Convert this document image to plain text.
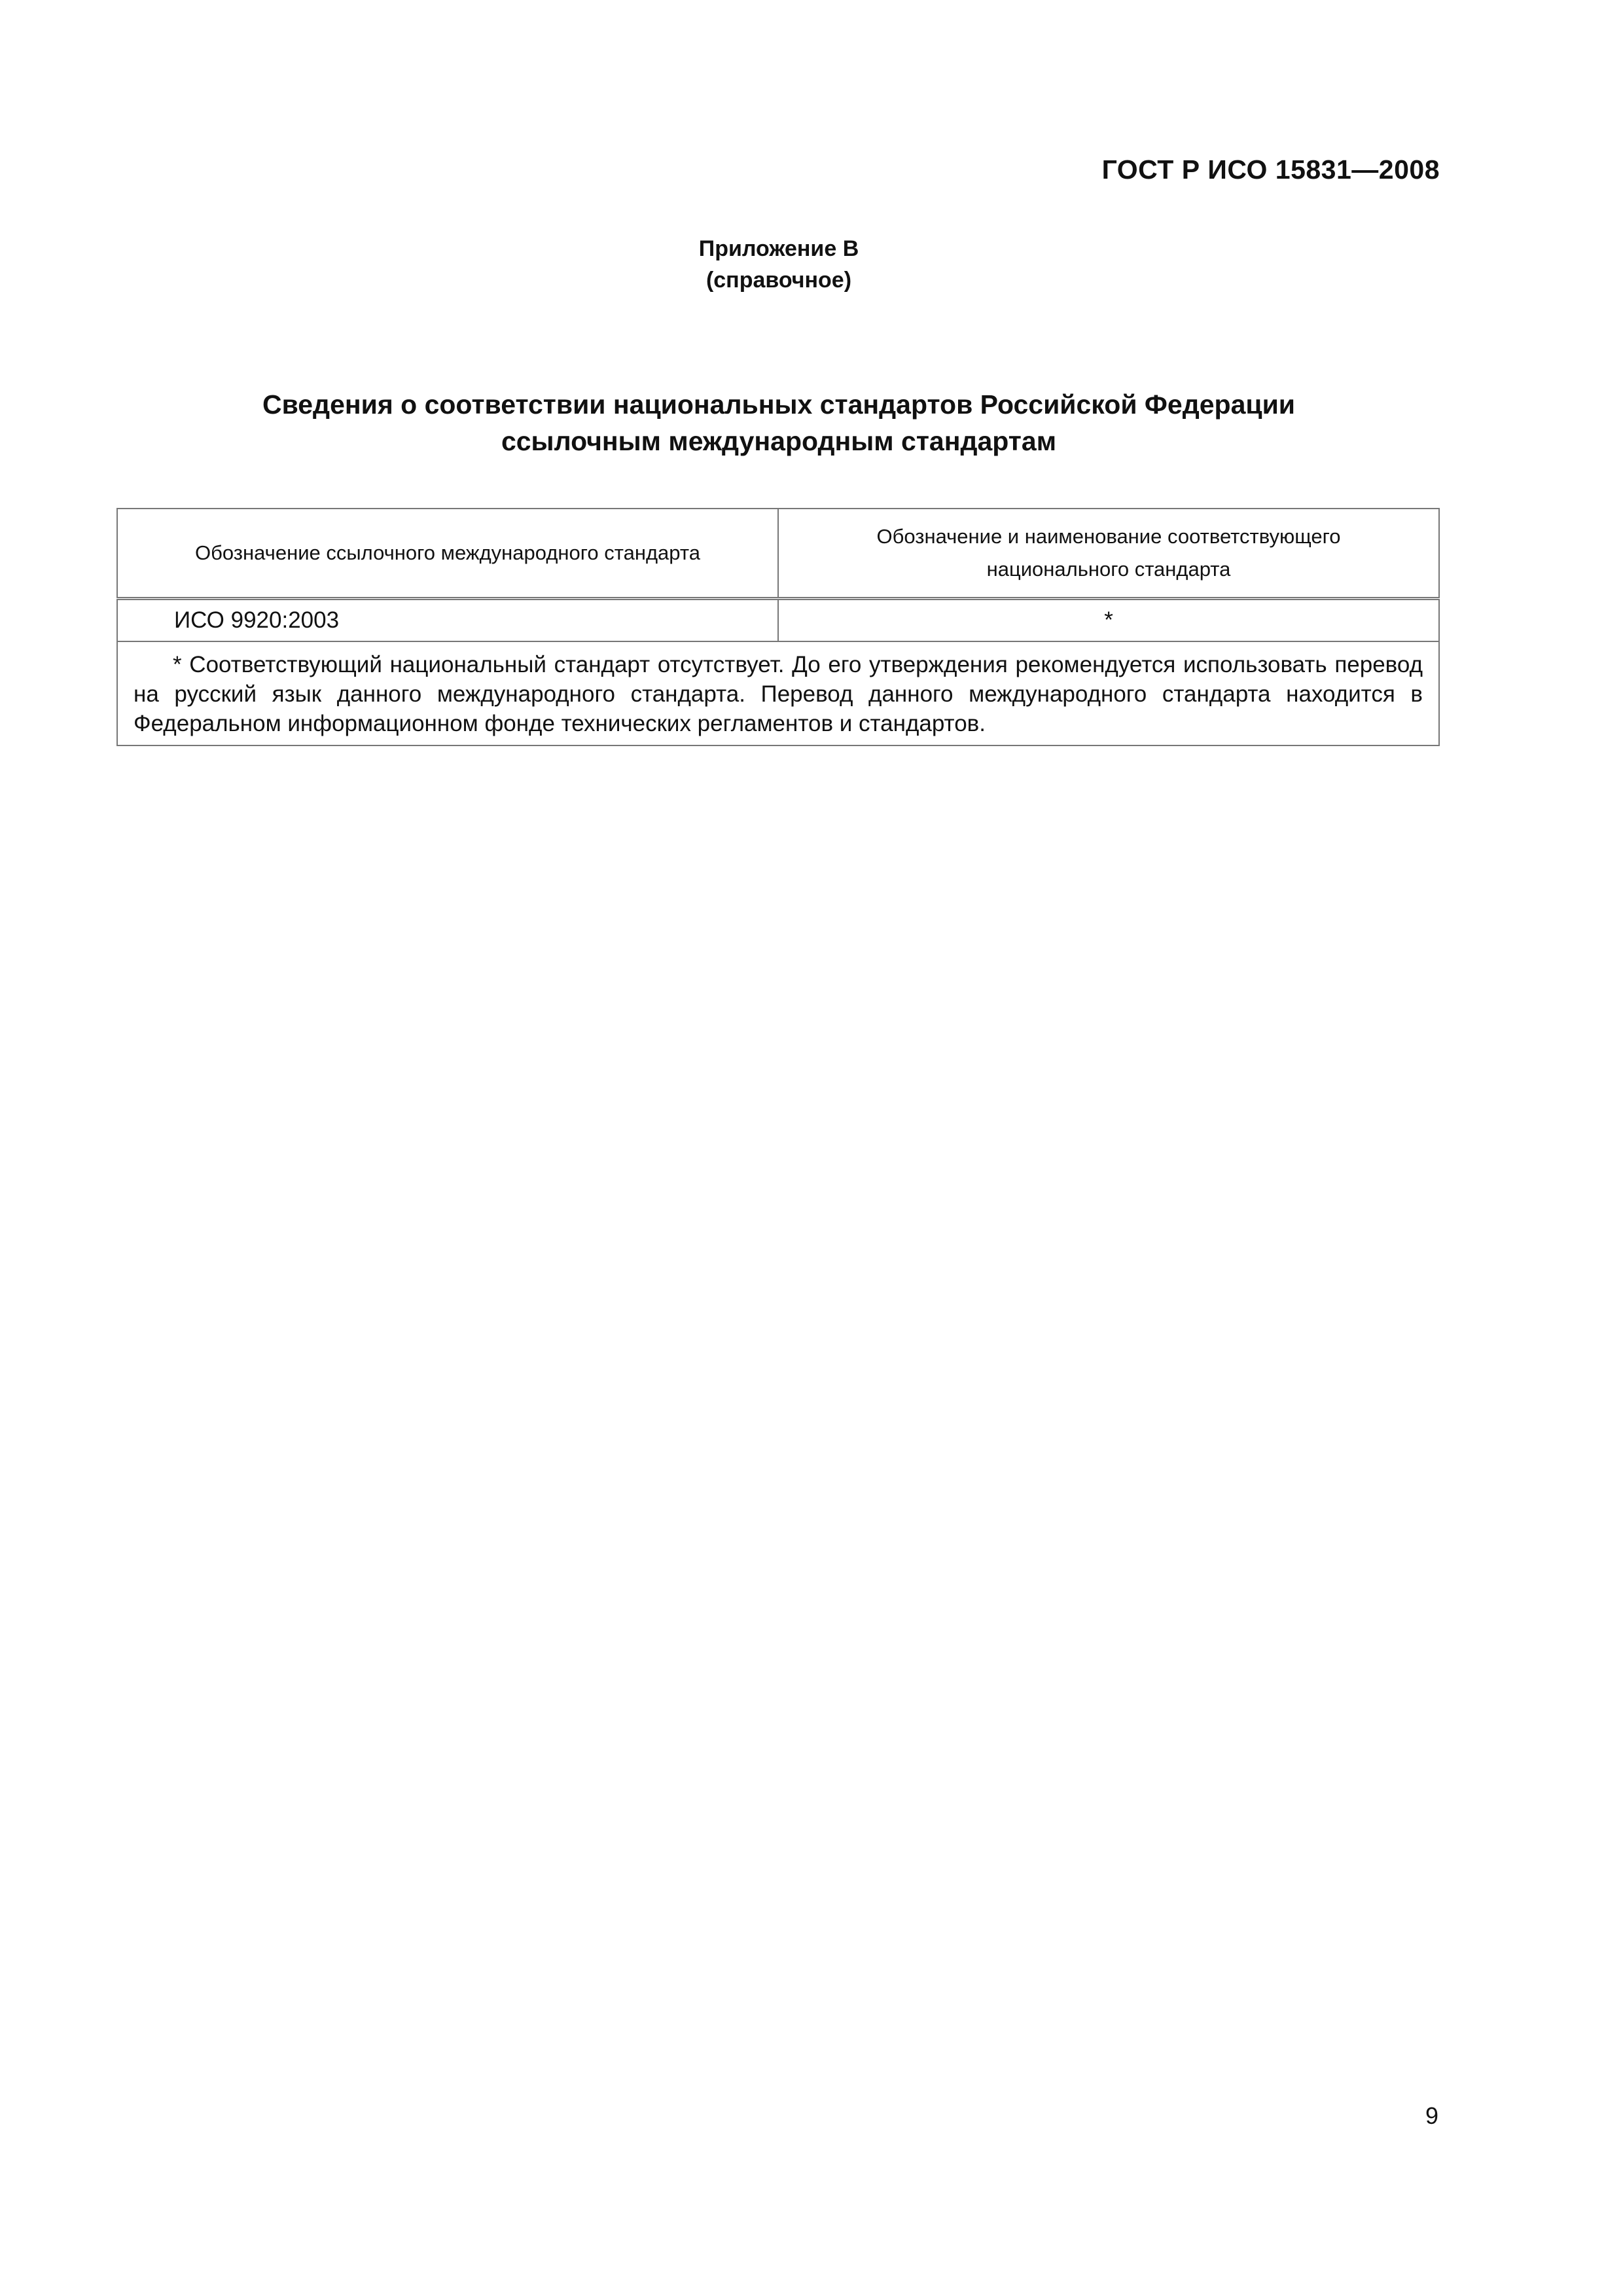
ГОСТ Р ИСО 15831—2008
Приложение В
(справочное)
Сведения о соответствии национальных стандартов Российской Федерации
ссылочным международным стандартам
Обозначение ссылочного международного стандарта	Обозначение и наименование соответствующего национального стандарта
ИСО 9920:2003	*
* Соответствующий национальный стандарт отсутствует. До его утверждения рекомендуется использовать перевод на русский язык данного международного стандарта. Перевод данного международного стандарта находится в Федеральном информационном фонде технических регламентов и стандартов.	
9
